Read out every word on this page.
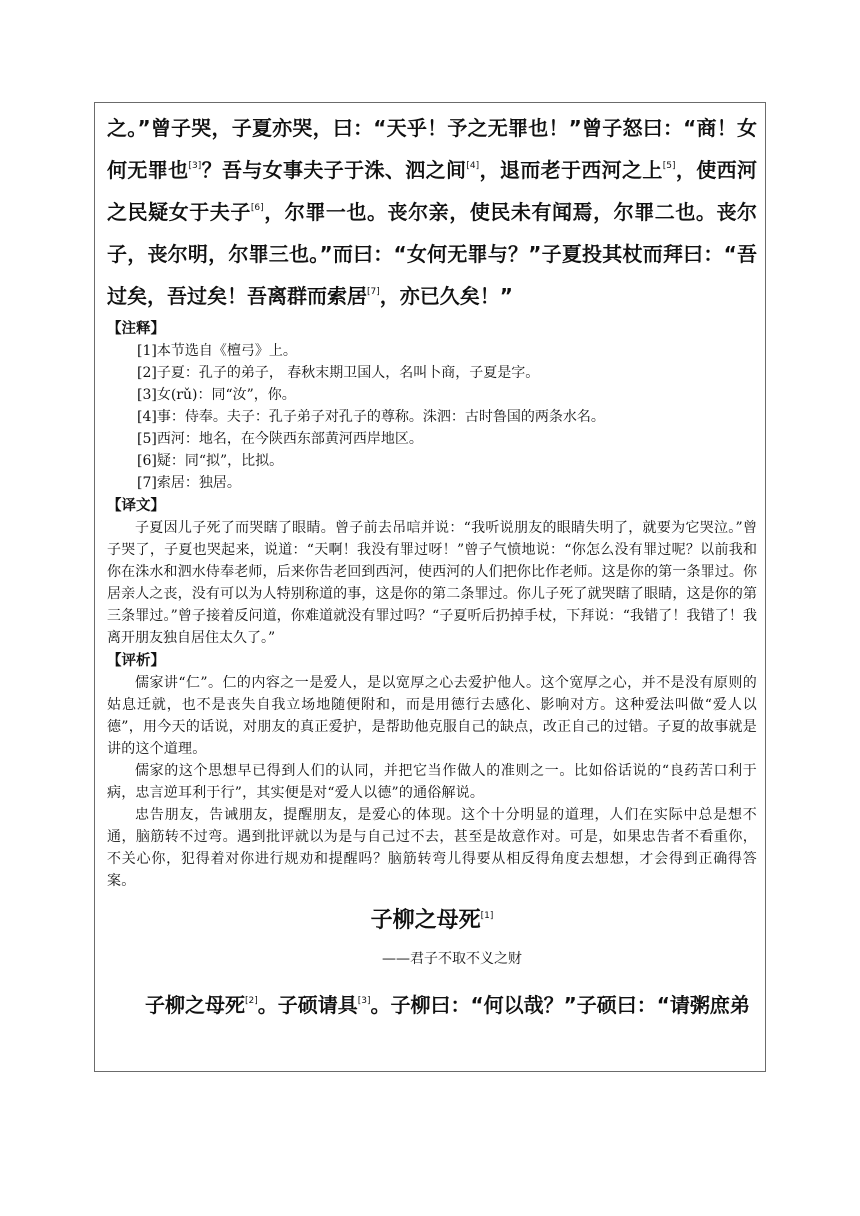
之。”曾子哭，子夏亦哭，曰：“天乎！予之无罪也！”曾子怒曰：“商！女何无罪也[3]？吾与女事夫子于洙、泗之间[4]，退而老于西河之上[5]，使西河之民疑女于夫子[6]，尔罪一也。丧尔亲，使民未有闻焉，尔罪二也。丧尔子，丧尔明，尔罪三也。”而曰：“女何无罪与？”子夏投其杖而拜曰：“吾过矣，吾过矣！吾离群而索居[7]，亦已久矣！”

【注释】
[1]本节选自《檀弓》上。
[2]子夏：孔子的弟子， 春秋末期卫国人，名叫卜商，子夏是字。
[3]女(rǔ)：同“汝”，你。
[4]事：侍奉。夫子：孔子弟子对孔子的尊称。洙泗：古时鲁国的两条水名。
[5]西河：地名，在今陕西东部黄河西岸地区。
[6]疑：同“拟”，比拟。
[7]索居：独居。
【译文】

子夏因儿子死了而哭瞎了眼睛。曾子前去吊唁并说：“我听说朋友的眼睛失明了，就要为它哭泣。”曾子哭了，子夏也哭起来，说道：“天啊！我没有罪过呀！”曾子气愤地说：“你怎么没有罪过呢？以前我和你在洙水和泗水侍奉老师，后来你告老回到西河，使西河的人们把你比作老师。这是你的第一条罪过。你居亲人之丧，没有可以为人特别称道的事，这是你的第二条罪过。你儿子死了就哭瞎了眼睛，这是你的第三条罪过。”曾子接着反问道，你难道就没有罪过吗？“子夏听后扔掉手杖，下拜说：“我错了！我错了！我离开朋友独自居住太久了。”

【评析】

儒家讲“仁”。仁的内容之一是爱人，是以宽厚之心去爱护他人。这个宽厚之心，并不是没有原则的姑息迁就，也不是丧失自我立场地随便附和，而是用德行去感化、影响对方。这种爱法叫做“爱人以德”，用今天的话说，对朋友的真正爱护，是帮助他克服自己的缺点，改正自己的过错。子夏的故事就是讲的这个道理。

儒家的这个思想早已得到人们的认同，并把它当作做人的准则之一。比如俗话说的“良药苦口利于病，忠言逆耳利于行”，其实便是对“爱人以德”的通俗解说。

忠告朋友，告诫朋友，提醒朋友，是爱心的体现。这个十分明显的道理，人们在实际中总是想不通，脑筋转不过弯。遇到批评就以为是与自己过不去，甚至是故意作对。可是，如果忠告者不看重你，不关心你，犯得着对你进行规劝和提醒吗？脑筋转弯儿得要从相反得角度去想想，才会得到正确得答案。

子柳之母死[1]
——君子不取不义之财

子柳之母死[2]。子硕请具[3]。子柳曰：“何以哉？”子硕曰：“请粥庶弟
